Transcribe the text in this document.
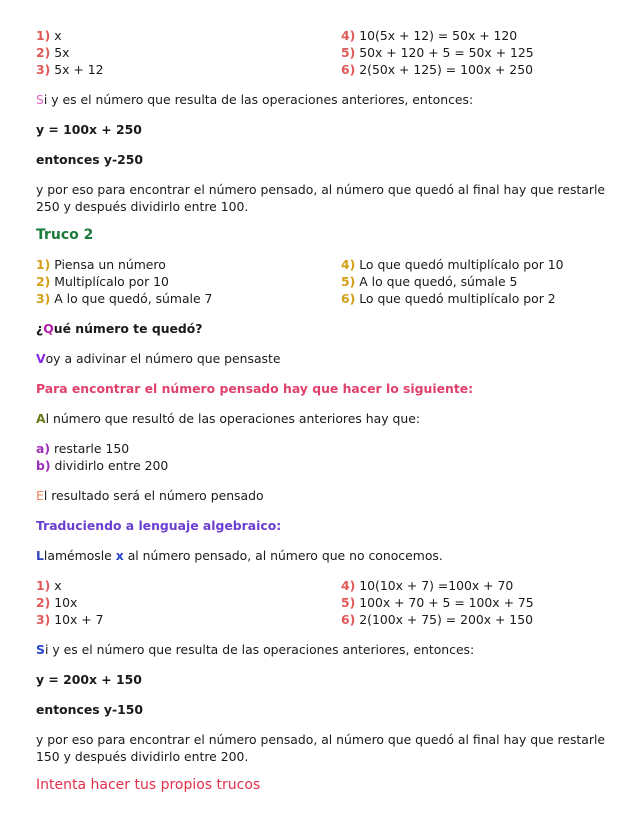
1) x	4) 10(5x + 12) = 50x + 120
2) 5x	5) 50x + 120 + 5 = 50x + 125
3) 5x + 12	6) 2(50x + 125) = 100x + 250

Si y es el número que resulta de las operaciones anteriores, entonces:

y = 100x + 250

entonces y-250

y por eso para encontrar el número pensado, al número que quedó al final hay que restarle 250 y después dividirlo entre 100.

Truco 2

1) Piensa un número	4) Lo que quedó multiplícalo por 10
2) Multiplícalo por 10	5) A lo que quedó, súmale 5
3) A lo que quedó, súmale 7	6) Lo que quedó multiplícalo por 2

¿Qué número te quedó?

Voy a adivinar el número que pensaste

Para encontrar el número pensado hay que hacer lo siguiente:

Al número que resultó de las operaciones anteriores hay que:

a) restarle 150

b) dividirlo entre 200

El resultado será el número pensado

Traduciendo a lenguaje algebraico:

Llamémosle x al número pensado, al número que no conocemos.

1) x	4) 10(10x + 7) =100x + 70
2) 10x	5) 100x + 70 + 5 = 100x + 75
3) 10x + 7	6) 2(100x + 75) = 200x + 150

Si y es el número que resulta de las operaciones anteriores, entonces:

y = 200x + 150

entonces y-150

y por eso para encontrar el número pensado, al número que quedó al final hay que restarle 150 y después dividirlo entre 200.

Intenta hacer tus propios trucos
